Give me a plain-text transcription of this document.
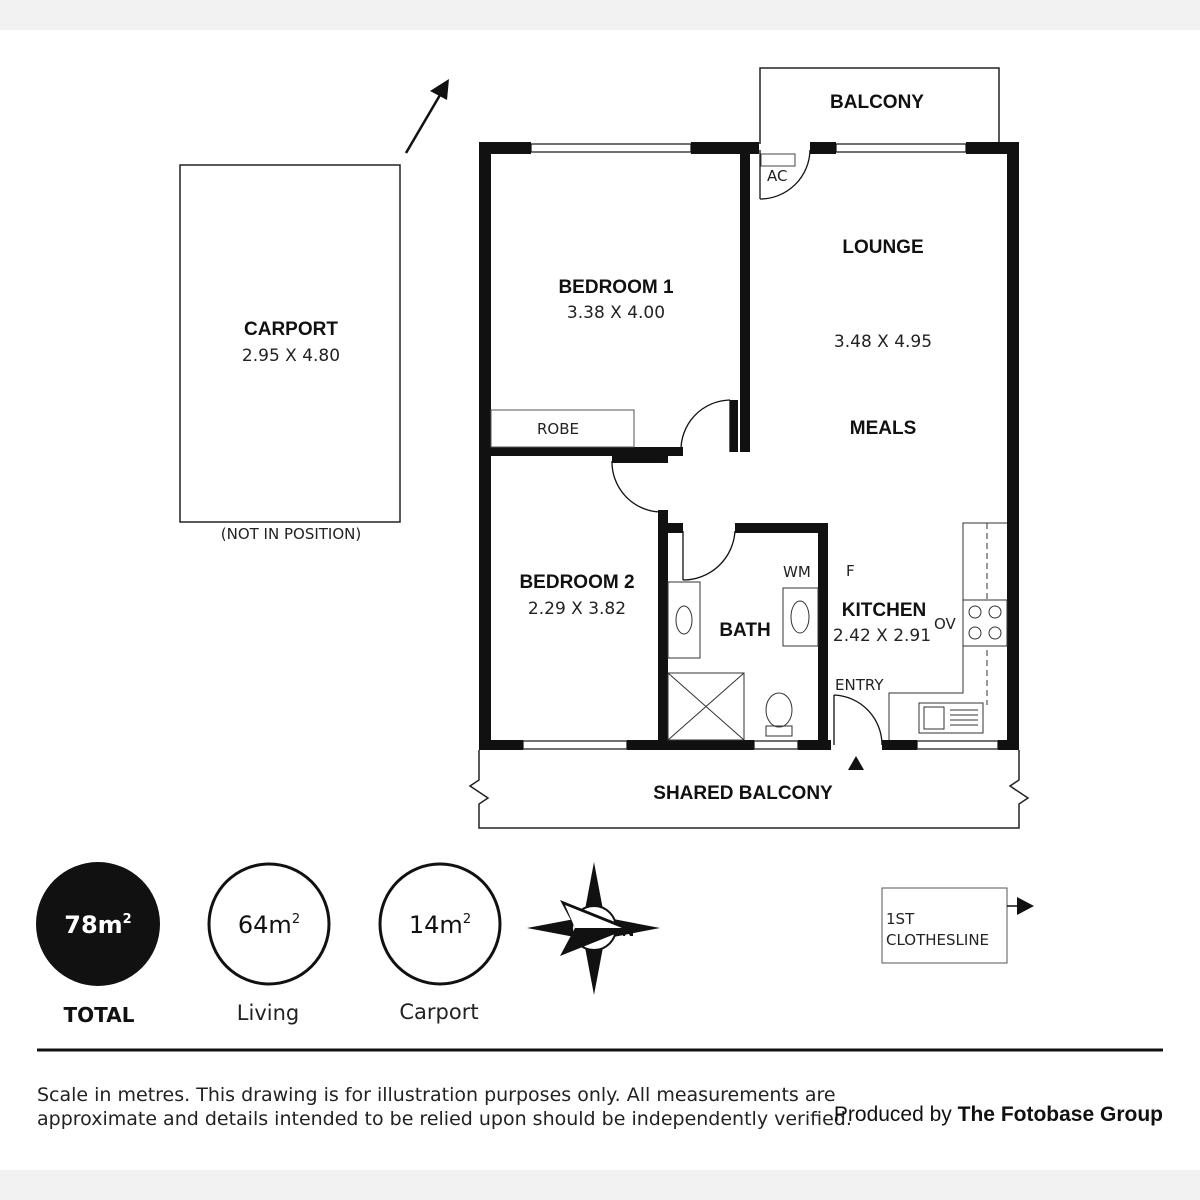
CARPORT
2.95 X 4.80
(NOT IN POSITION)
BALCONY
SHARED BALCONY
AC
BEDROOM 1
3.38 X 4.00
ROBE
LOUNGE
3.48 X 4.95
MEALS
BEDROOM 2
2.29 X 3.82
BATH
WM F
KITCHEN
2.42 X 2.91
OV
ENTRY
$78m^2$
TOTAL
$64m^2$
Living
$14m^2$
Carport
N
1ST
CLOTHESLINE
Scale in metres. This drawing is for illustration purposes only. All measurements are approximate and details intended to be relied upon should be independently verified.
Produced by The Fotobase Group
